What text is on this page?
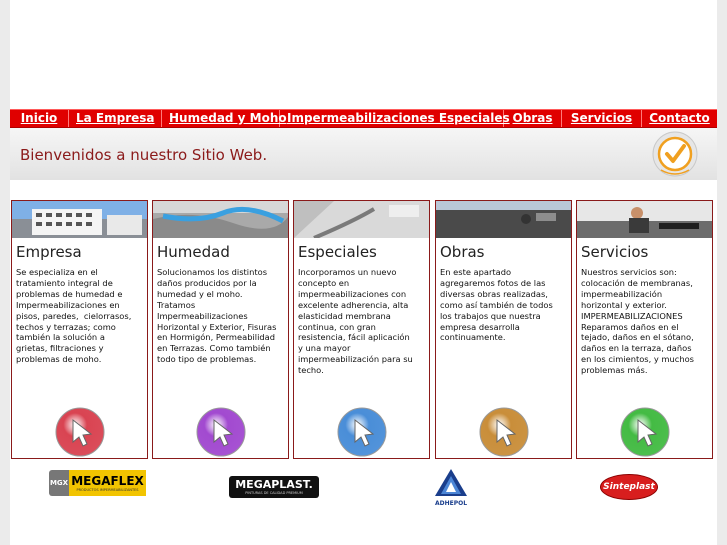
Inicio	La Empresa	Humedad y Moho Impermeabilizaciones Especiales Obras	Servicios	Contacto
Bienvenidos a nuestro Sitio Web.
Empresa
Se especializa en el
tratamiento integral de
problemas de humedad e
Impermeabilizaciones en
pisos, paredes,  cielorrasos,
techos y terrazas; como
también la solución a
grietas, filtraciones y
problemas de moho.
Humedad
Solucionamos los distintos
daños producidos por la
humedad y el moho.
Tratamos
Impermeabilizaciones
Horizontal y Exterior, Fisuras
en Hormigón, Permeabilidad
en Terrazas. Como también
todo tipo de problemas.
Especiales
Incorporamos un nuevo
concepto en
impermeabilizaciones con
excelente adherencia, alta
elasticidad membrana
continua, con gran
resistencia, fácil aplicación
y una mayor
impermeabilización para su
techo.
Obras
En este apartado
agregaremos fotos de las
diversas obras realizadas,
como así también de todos
los trabajos que nuestra
empresa desarrolla
continuamente.
Servicios
Nuestros servicios son:
colocación de membranas,
impermeabilización
horizontal y exterior.
IMPERMEABILIZACIONES
Reparamos daños en el
tejado, daños en el sótano,
daños en la terraza, daños
en los cimientos, y muchos
problemas más.
MGX MEGAFLEX
PRODUCTOS IMPERMEABILIZANTES	MEGAPLAST.
PINTURAS DE CALIDAD PREMIUM
ADHEPOL
Sinteplast
